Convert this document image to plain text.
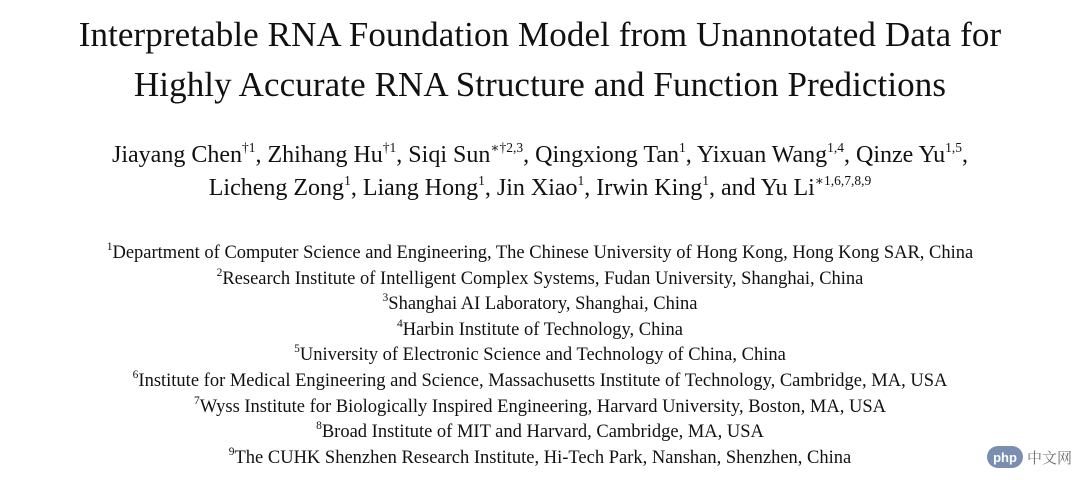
Interpretable RNA Foundation Model from Unannotated Data for
Highly Accurate RNA Structure and Function Predictions
Jiayang Chen$^{\dagger 1}$, Zhihang Hu$^{\dagger 1}$, Siqi Sun$^{∗\dagger 2,3}$, Qingxiong Tan$^1$, Yixuan Wang$^{1,4}$, Qinze Yu$^{1,5}$,
Licheng Zong$^1$, Liang Hong$^1$, Jin Xiao$^1$, Irwin King$^1$, and Yu $Li^{∗1,6,7,8,9}$
$^1$Department of Computer Science and Engineering, The Chinese University of Hong Kong, Hong Kong SAR, China
$^2$Research Institute of Intelligent Complex Systems, Fudan University, Shanghai, China
$^3$Shanghai AI Laboratory, Shanghai, China
$^4$Harbin Institute of Technology, China
$^5$University of Electronic Science and Technology of China, China
$^6$Institute for Medical Engineering and Science, Massachusetts Institute of Technology, Cambridge, MA, USA
$^7$Wyss Institute for Biologically Inspired Engineering, Harvard University, Boston, MA, USA
$^8$Broad Institute of MIT and Harvard, Cambridge, MA, USA
$^9$The CUHK Shenzhen Research Institute, Hi-Tech Park, Nanshan, Shenzhen, China	php 中文网
